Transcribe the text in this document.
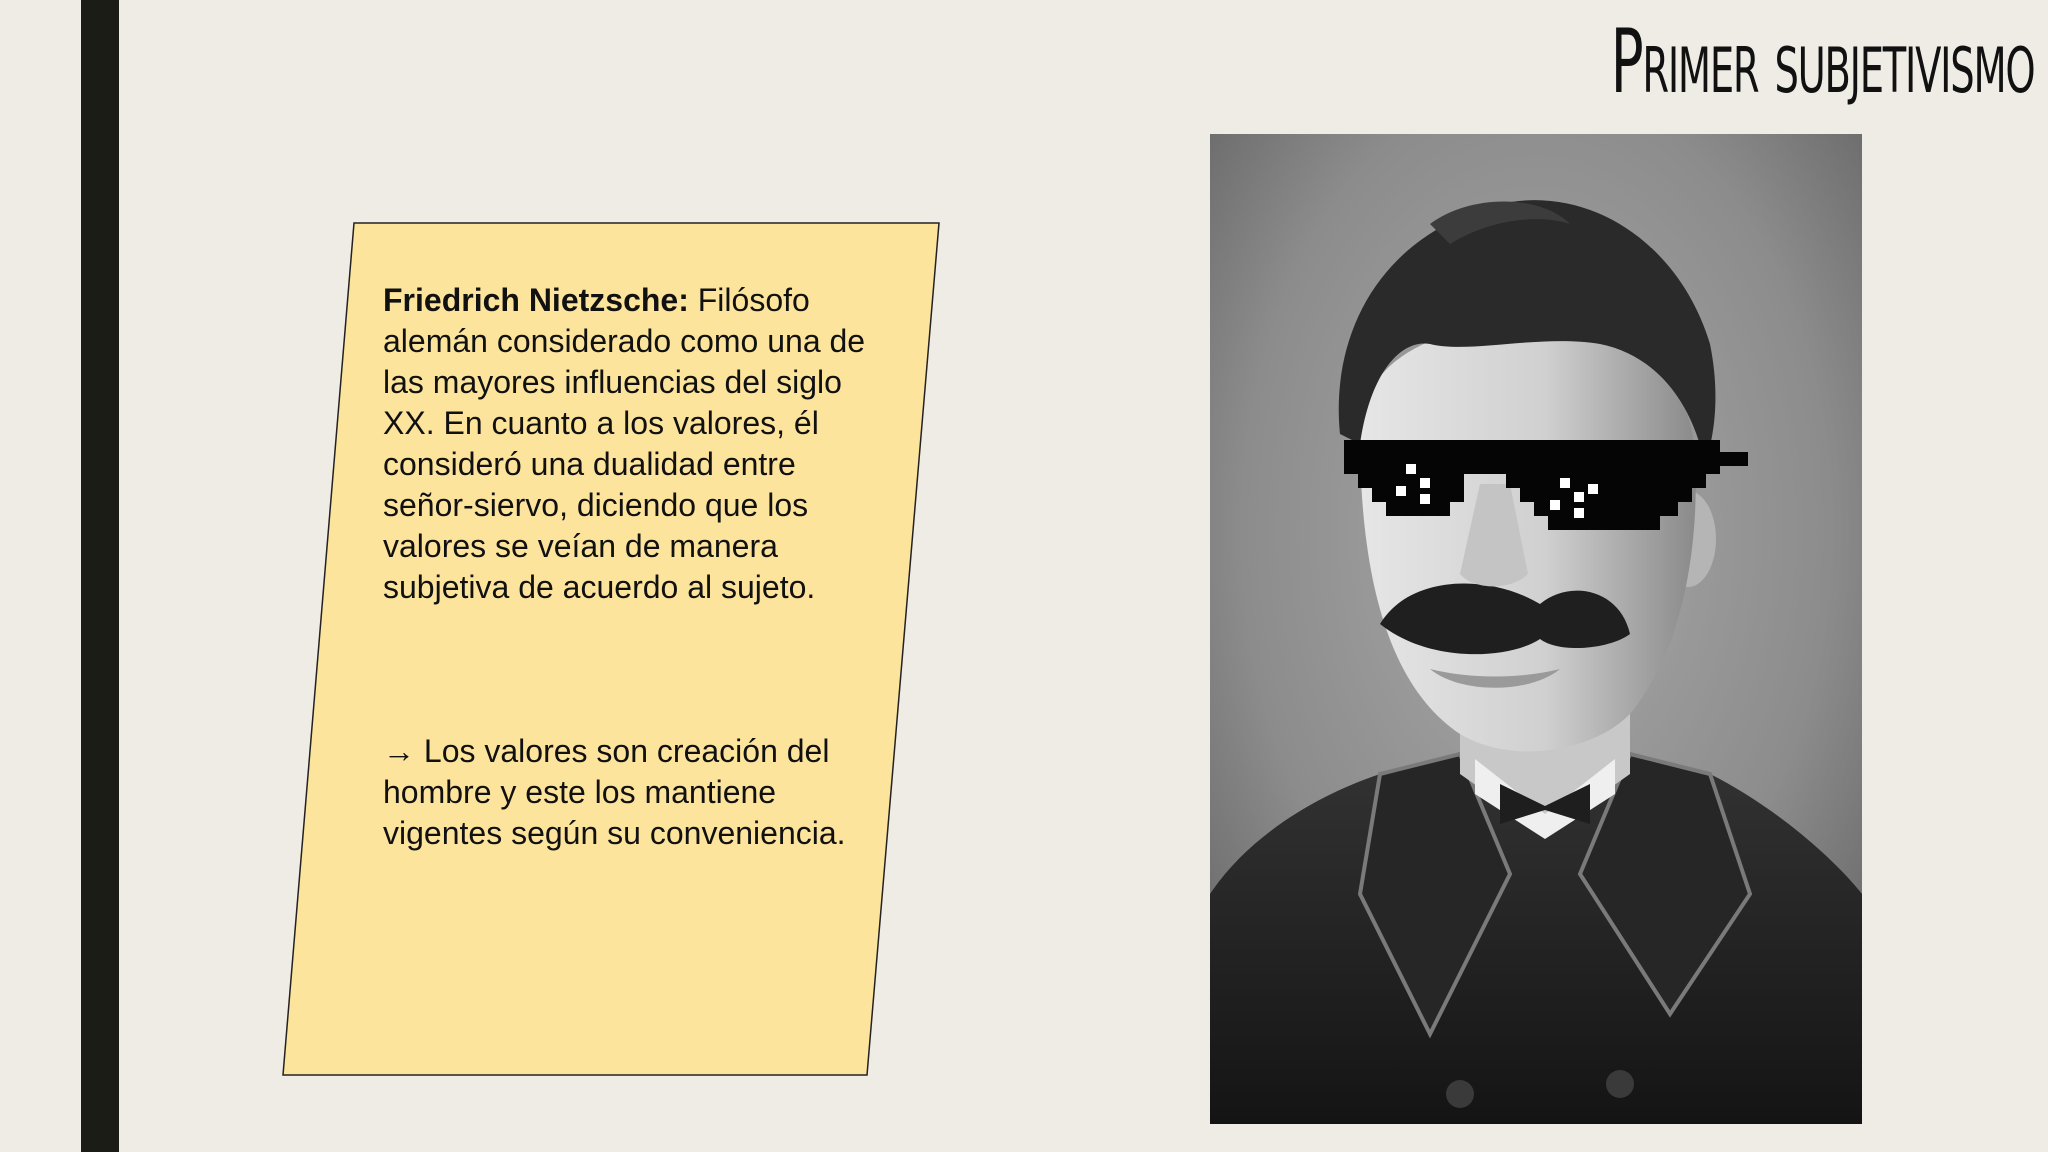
Primer subjetivismo

Friedrich Nietzsche: Filósofo alemán considerado como una de las mayores influencias del siglo XX. En cuanto a los valores, él consideró una dualidad entre señor-siervo, diciendo que los valores se veían de manera subjetiva de acuerdo al sujeto.

→ Los valores son creación del hombre y este los mantiene vigentes según su conveniencia.
